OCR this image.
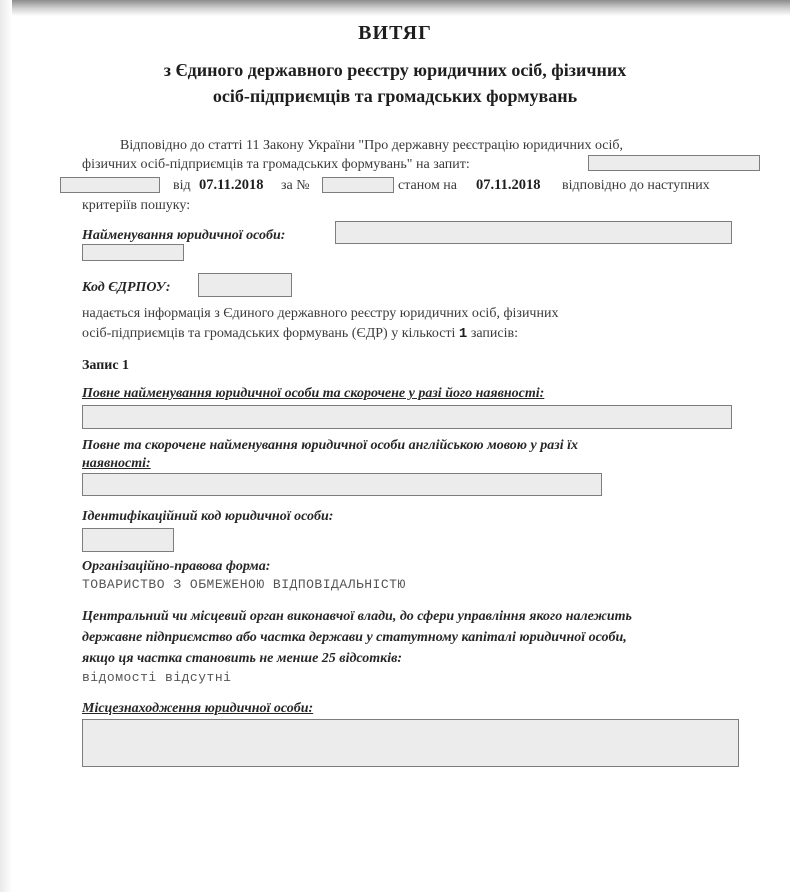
ВИТЯГ
з Єдиного державного реєстру юридичних осіб, фізичних
осіб-підприємців та громадських формувань
Відповідно до статті 11 Закону України "Про державну реєстрацію юридичних осіб,
фізичних осіб-підприємців та громадських формувань" на запит:
від 07.11.2018 за №	станом на 07.11.2018 відповідно до наступних
критеріїв пошуку:
Найменування юридичної особи:
Код ЄДРПОУ:
надається інформація з Єдиного державного реєстру юридичних осіб, фізичних
осіб-підприємців та громадських формувань (ЄДР) у кількості 1 записів:
Запис 1
Повне найменування юридичної особи та скорочене у разі його наявності:
Повне та скорочене найменування юридичної особи англійською мовою у разі їх
наявності:
Ідентифікаційний код юридичної особи:
Організаційно-правова форма:
ТОВАРИСТВО З ОБМЕЖЕНОЮ ВІДПОВІДАЛЬНІСТЮ
Центральний чи місцевий орган виконавчої влади, до сфери управління якого належить
державне підприємство або частка держави у статутному капіталі юридичної особи,
якщо ця частка становить не менше 25 відсотків:
відомості відсутні
Місцезнаходження юридичної особи:
